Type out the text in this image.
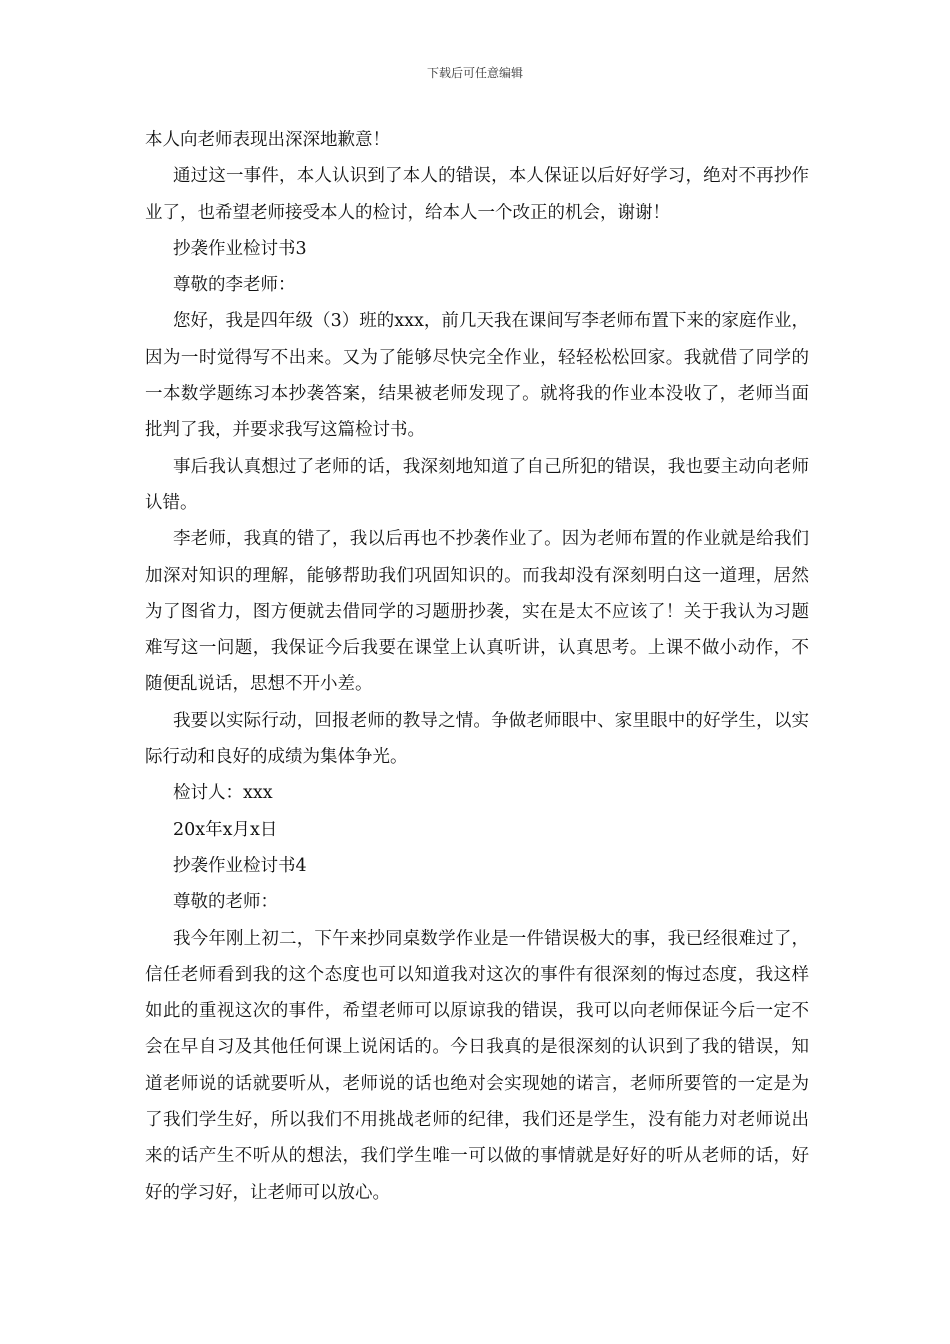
下载后可任意编辑

本人向老师表现出深深地歉意！

通过这一事件，本人认识到了本人的错误，本人保证以后好好学习，绝对不再抄作业了，也希望老师接受本人的检讨，给本人一个改正的机会，谢谢！

抄袭作业检讨书3

尊敬的李老师：

您好，我是四年级（3）班的xxx，前几天我在课间写李老师布置下来的家庭作业，因为一时觉得写不出来。又为了能够尽快完全作业，轻轻松松回家。我就借了同学的一本数学题练习本抄袭答案，结果被老师发现了。就将我的作业本没收了，老师当面批判了我，并要求我写这篇检讨书。

事后我认真想过了老师的话，我深刻地知道了自己所犯的错误，我也要主动向老师认错。

李老师，我真的错了，我以后再也不抄袭作业了。因为老师布置的作业就是给我们加深对知识的理解，能够帮助我们巩固知识的。而我却没有深刻明白这一道理，居然为了图省力，图方便就去借同学的习题册抄袭，实在是太不应该了！关于我认为习题难写这一问题，我保证今后我要在课堂上认真听讲，认真思考。上课不做小动作，不随便乱说话，思想不开小差。

我要以实际行动，回报老师的教导之情。争做老师眼中、家里眼中的好学生，以实际行动和良好的成绩为集体争光。

检讨人：xxx

20x年x月x日

抄袭作业检讨书4

尊敬的老师：

我今年刚上初二，下午来抄同桌数学作业是一件错误极大的事，我已经很难过了，信任老师看到我的这个态度也可以知道我对这次的事件有很深刻的悔过态度，我这样如此的重视这次的事件，希望老师可以原谅我的错误，我可以向老师保证今后一定不会在早自习及其他任何课上说闲话的。今日我真的是很深刻的认识到了我的错误，知道老师说的话就要听从，老师说的话也绝对会实现她的诺言，老师所要管的一定是为了我们学生好，所以我们不用挑战老师的纪律，我们还是学生，没有能力对老师说出来的话产生不听从的想法，我们学生唯一可以做的事情就是好好的听从老师的话，好好的学习好，让老师可以放心。
